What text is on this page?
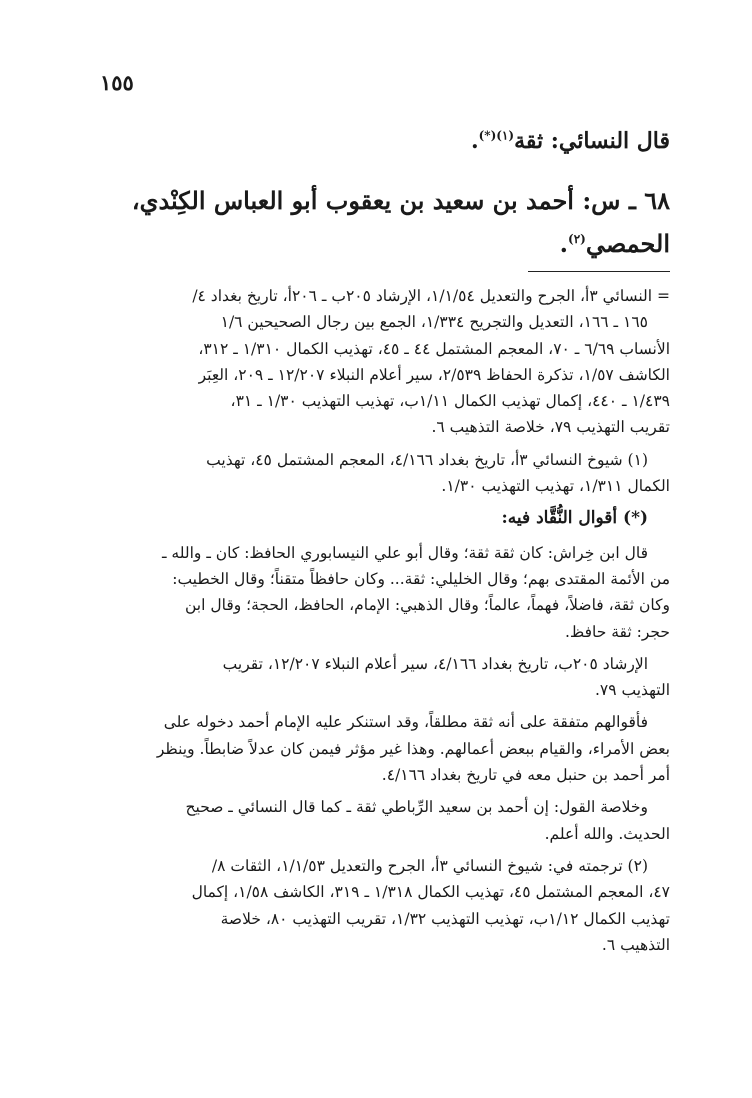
١٥٥
قال النسائي: ثقة$^{(١)(*)}$.
٦٨ ـ س: أحمد بن سعيد بن يعقوب أبو العباس الكِنْدي،
الحمصي$^{(٢)}$.
= النسائي ٣أ، الجرح والتعديل ١/١/٥٤، الإرشاد ٢٠٥ب ـ ٢٠٦أ، تاريخ بغداد ٤/
١٦٥ ـ ١٦٦، التعديل والتجريح ١/٣٣٤، الجمع بين رجال الصحيحين ١/٦
الأنساب ٦/٦٩ ـ ٧٠، المعجم المشتمل ٤٤ ـ ٤٥، تهذيب الكمال ١/٣١٠ ـ ٣١٢،
الكاشف ١/٥٧، تذكرة الحفاظ ٢/٥٣٩، سير أعلام النبلاء ١٢/٢٠٧ ـ ٢٠٩، العِبَر
١/٤٣٩ ـ ٤٤٠، إكمال تهذيب الكمال ١/١١ب، تهذيب التهذيب ١/٣٠ ـ ٣١،
تقريب التهذيب ٧٩، خلاصة التذهيب ٦.
(١) شيوخ النسائي ٣أ، تاريخ بغداد ٤/١٦٦، المعجم المشتمل ٤٥، تهذيب
الكمال ١/٣١١، تهذيب التهذيب ١/٣٠.
(*) أقوال النُّقَّاد فيه:
قال ابن خِراش: كان ثقة ثقة؛ وقال أبو علي النيسابوري الحافظ: كان ـ والله ـ
من الأئمة المقتدى بهم؛ وقال الخليلي: ثقة... وكان حافظاً متقناً؛ وقال الخطيب:
وكان ثقة، فاضلاً، فهماً، عالماً؛ وقال الذهبي: الإمام، الحافظ، الحجة؛ وقال ابن
حجر: ثقة حافظ.
الإرشاد ٢٠٥ب، تاريخ بغداد ٤/١٦٦، سير أعلام النبلاء ١٢/٢٠٧، تقريب
التهذيب ٧٩.
فأقوالهم متفقة على أنه ثقة مطلقاً، وقد استنكر عليه الإمام أحمد دخوله على
بعض الأمراء، والقيام ببعض أعمالهم. وهذا غير مؤثر فيمن كان عدلاً ضابطاً. وينظر
أمر أحمد بن حنبل معه في تاريخ بغداد ٤/١٦٦.
وخلاصة القول: إن أحمد بن سعيد الرِّباطي ثقة ـ كما قال النسائي ـ صحيح
الحديث. والله أعلم.
(٢) ترجمته في: شيوخ النسائي ٣أ، الجرح والتعديل ١/١/٥٣، الثقات ٨/
٤٧، المعجم المشتمل ٤٥، تهذيب الكمال ١/٣١٨ ـ ٣١٩، الكاشف ١/٥٨، إكمال
تهذيب الكمال ١/١٢ب، تهذيب التهذيب ١/٣٢، تقريب التهذيب ٨٠، خلاصة
التذهيب ٦.
